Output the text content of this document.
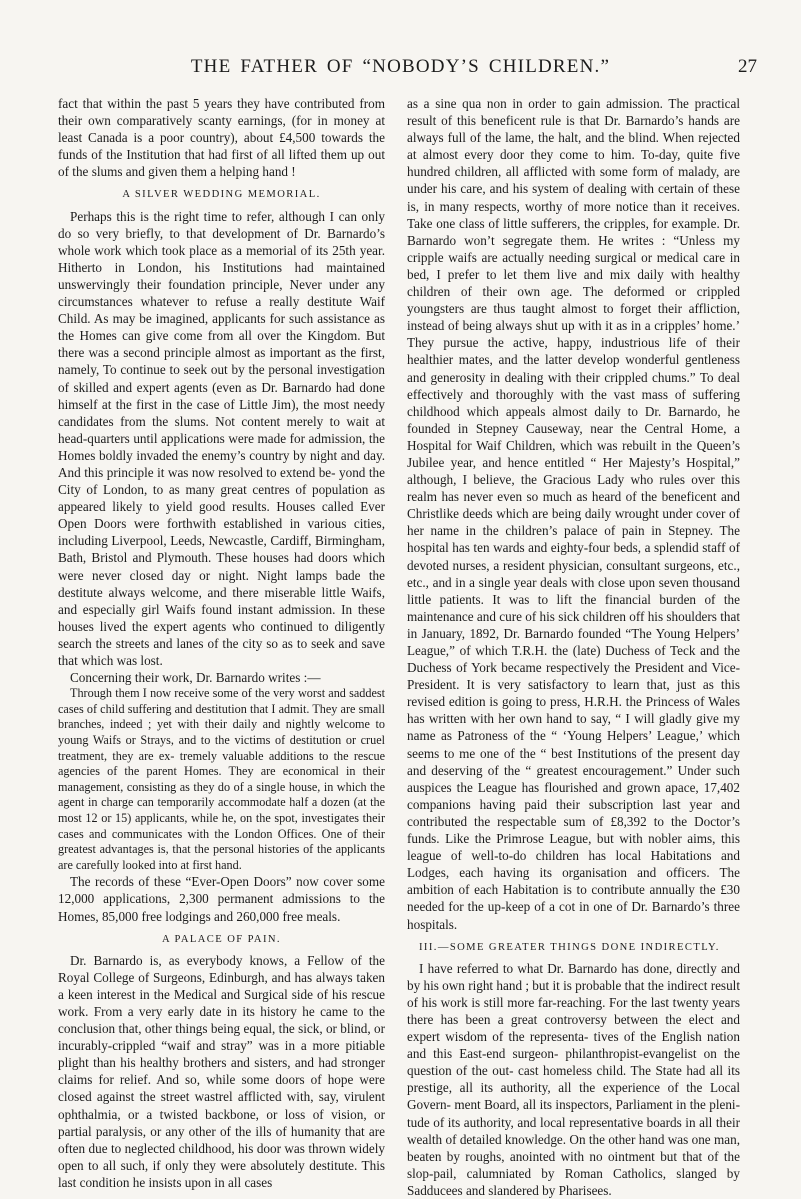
THE FATHER OF “NOBODY’S CHILDREN.”	27

fact that within the past 5 years they have contributed from their own comparatively scanty earnings, (for in money at least Canada is a poor country), about £4,500 towards the funds of the Institution that had first of all lifted them up out of the slums and given them a helping hand !

A SILVER WEDDING MEMORIAL.

Perhaps this is the right time to refer, although I can only do so very briefly, to that development of Dr. Barnardo’s whole work which took place as a memorial of its 25th year. Hitherto in London, his Institutions had maintained unswervingly their foundation principle, Never under any circumstances whatever to refuse a really destitute Waif Child. As may be imagined, applicants for such assistance as the Homes can give come from all over the Kingdom. But there was a second principle almost as important as the first, namely, To continue to seek out by the personal investigation of skilled and expert agents (even as Dr. Barnardo had done himself at the first in the case of Little Jim), the most needy candidates from the slums. Not content merely to wait at head-quarters until applications were made for admission, the Homes boldly invaded the enemy’s country by night and day. And this principle it was now resolved to extend be- yond the City of London, to as many great centres of population as appeared likely to yield good results. Houses called Ever Open Doors were forthwith established in various cities, including Liverpool, Leeds, Newcastle, Cardiff, Birmingham, Bath, Bristol and Plymouth. These houses had doors which were never closed day or night. Night lamps bade the destitute always welcome, and there miserable little Waifs, and especially girl Waifs found instant admission. In these houses lived the expert agents who continued to diligently search the streets and lanes of the city so as to seek and save that which was lost.

Concerning their work, Dr. Barnardo writes :—

Through them I now receive some of the very worst and saddest cases of child suffering and destitution that I admit. They are small branches, indeed ; yet with their daily and nightly welcome to young Waifs or Strays, and to the victims of destitution or cruel treatment, they are ex- tremely valuable additions to the rescue agencies of the parent Homes. They are economical in their management, consisting as they do of a single house, in which the agent in charge can temporarily accommodate half a dozen (at the most 12 or 15) applicants, while he, on the spot, investigates their cases and communicates with the London Offices. One of their greatest advantages is, that the personal histories of the applicants are carefully looked into at first hand.

The records of these “Ever-Open Doors” now cover some 12,000 applications, 2,300 permanent admissions to the Homes, 85,000 free lodgings and 260,000 free meals.

A PALACE OF PAIN.

Dr. Barnardo is, as everybody knows, a Fellow of the Royal College of Surgeons, Edinburgh, and has always taken a keen interest in the Medical and Surgical side of his rescue work. From a very early date in its history he came to the conclusion that, other things being equal, the sick, or blind, or incurably-crippled “waif and stray” was in a more pitiable plight than his healthy brothers and sisters, and had stronger claims for relief. And so, while some doors of hope were closed against the street wastrel afflicted with, say, virulent ophthalmia, or a twisted backbone, or loss of vision, or partial paralysis, or any other of the ills of humanity that are often due to neglected childhood, his door was thrown widely open to all such, if only they were absolutely destitute. This last condition he insists upon in all cases

as a sine qua non in order to gain admission. The practical result of this beneficent rule is that Dr. Barnardo’s hands are always full of the lame, the halt, and the blind. When rejected at almost every door they come to him. To-day, quite five hundred children, all afflicted with some form of malady, are under his care, and his system of dealing with certain of these is, in many respects, worthy of more notice than it receives. Take one class of little sufferers, the cripples, for example. Dr. Barnardo won’t segregate them. He writes : “Unless my cripple waifs are actually needing surgical or medical care in bed, I prefer to let them live and mix daily with healthy children of their own age. The deformed or crippled youngsters are thus taught almost to forget their affliction, instead of being always shut up with it as in a cripples’ home.’ They pursue the active, happy, industrious life of their healthier mates, and the latter develop wonderful gentleness and generosity in dealing with their crippled chums.” To deal effectively and thoroughly with the vast mass of suffering childhood which appeals almost daily to Dr. Barnardo, he founded in Stepney Causeway, near the Central Home, a Hospital for Waif Children, which was rebuilt in the Queen’s Jubilee year, and hence entitled “ Her Majesty’s Hospital,” although, I believe, the Gracious Lady who rules over this realm has never even so much as heard of the beneficent and Christlike deeds which are being daily wrought under cover of her name in the children’s palace of pain in Stepney. The hospital has ten wards and eighty-four beds, a splendid staff of devoted nurses, a resident physician, consultant surgeons, etc., etc., and in a single year deals with close upon seven thousand little patients. It was to lift the financial burden of the maintenance and cure of his sick children off his shoulders that in January, 1892, Dr. Barnardo founded “The Young Helpers’ League,” of which T.R.H. the (late) Duchess of Teck and the Duchess of York became respectively the President and Vice-President. It is very satisfactory to learn that, just as this revised edition is going to press, H.R.H. the Princess of Wales has written with her own hand to say, “ I will gladly give my name as Patroness of the “ ‘Young Helpers’ League,’ which seems to me one of the “ best Institutions of the present day and deserving of the “ greatest encouragement.” Under such auspices the League has flourished and grown apace, 17,402 companions having paid their subscription last year and contributed the respectable sum of £8,392 to the Doctor’s funds. Like the Primrose League, but with nobler aims, this league of well-to-do children has local Habitations and Lodges, each having its organisation and officers. The ambition of each Habitation is to contribute annually the £30 needed for the up-keep of a cot in one of Dr. Barnardo’s three hospitals.

III.—SOME GREATER THINGS DONE INDIRECTLY.

I have referred to what Dr. Barnardo has done, directly and by his own right hand ; but it is probable that the indirect result of his work is still more far-reaching. For the last twenty years there has been a great controversy between the elect and expert wisdom of the representa- tives of the English nation and this East-end surgeon- philanthropist-evangelist on the question of the out- cast homeless child. The State had all its prestige, all its authority, all the experience of the Local Govern- ment Board, all its inspectors, Parliament in the pleni- tude of its authority, and local representative boards in all their wealth of detailed knowledge. On the other hand was one man, beaten by roughs, anointed with no ointment but that of the slop-pail, calumniated by Roman Catholics, slanged by Sadducees and slandered by Pharisees.
